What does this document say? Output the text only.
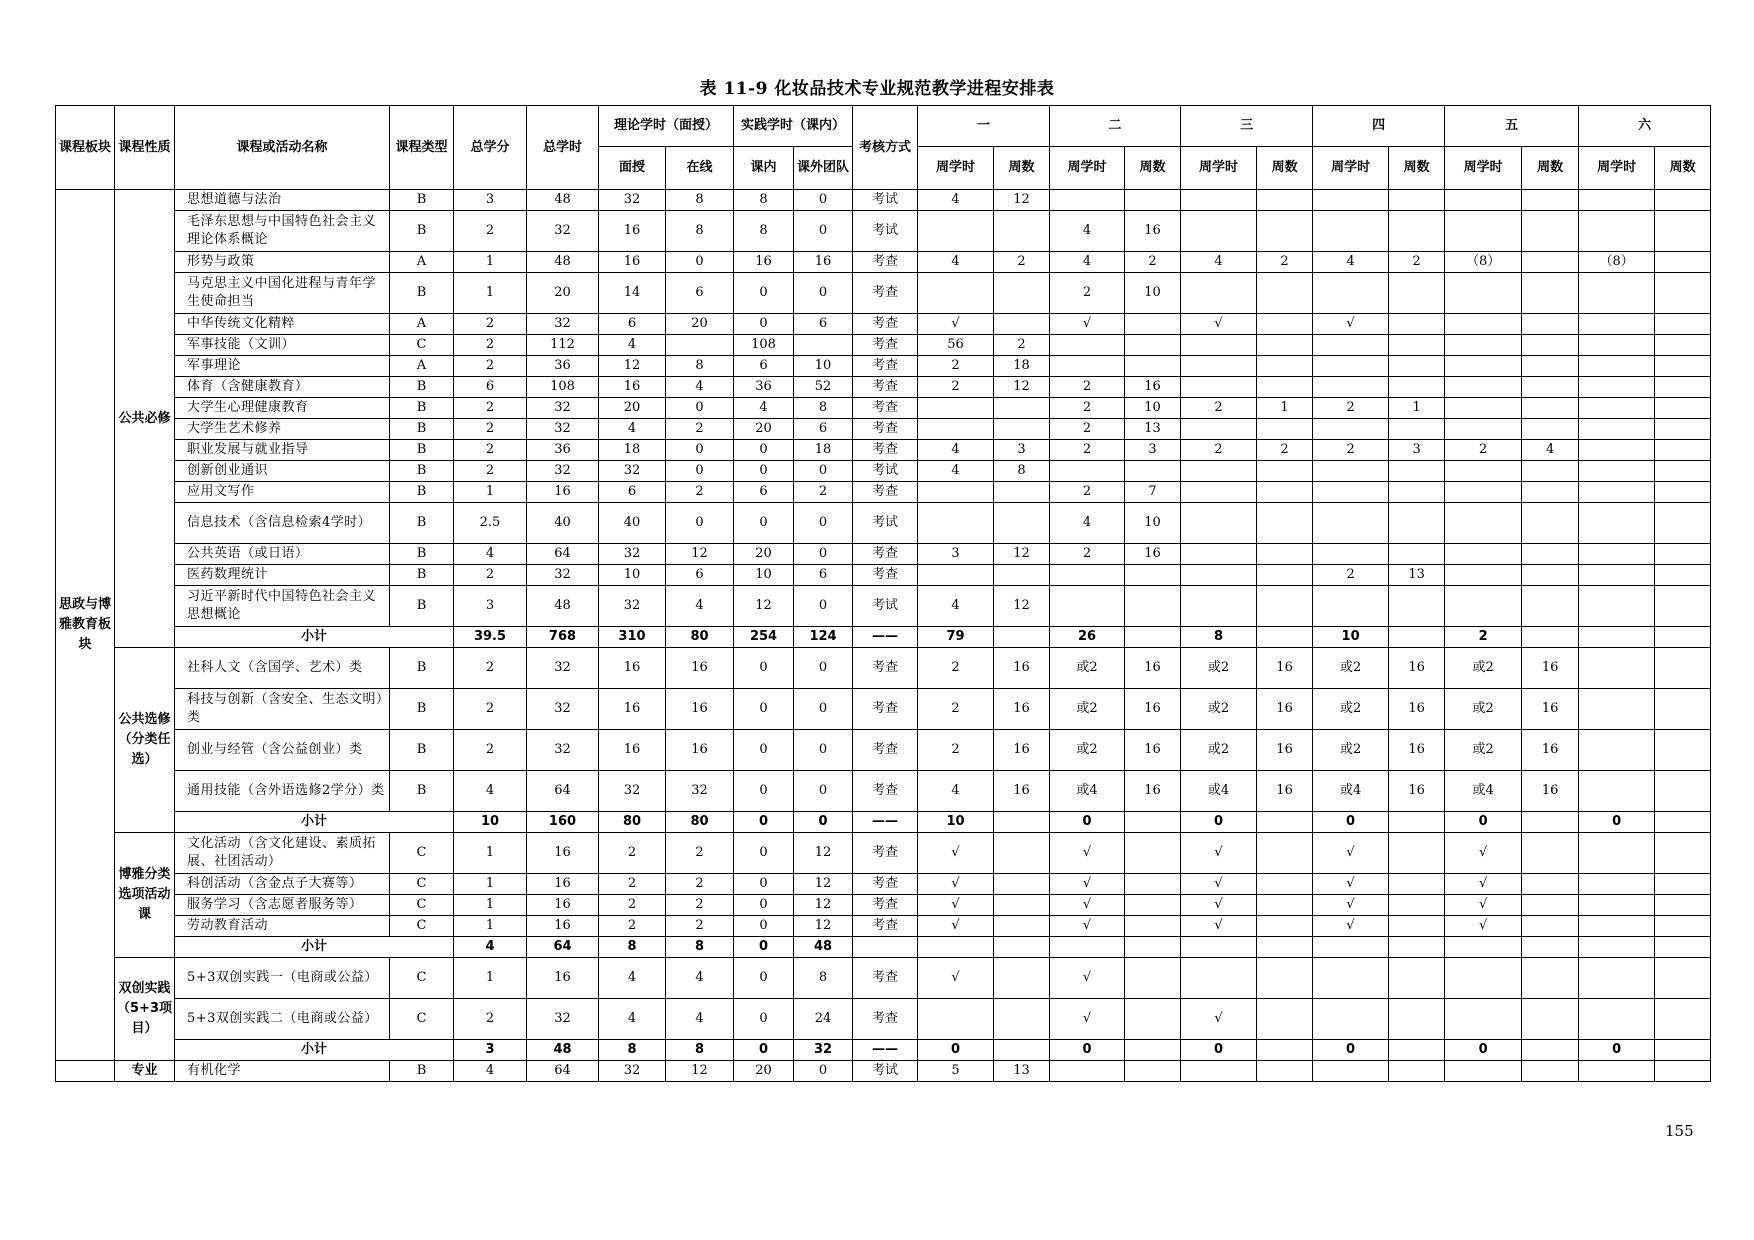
表 11-9 化妆品技术专业规范教学进程安排表
课程板块	课程性质	课程或活动名称	课程类型	总学分	总学时	理论学时（面授）		实践学时（课内）		考核方式	一		二		三		四		五		六	
						面授	在线	课内	课外团队		周学时	周数	周学时	周数	周学时	周数	周学时	周数	周学时	周数	周学时	周数
思政与博雅教育板块	公共必修	思想道德与法治	B	3	48	32	8	8	0	考试	4	12										
		毛泽东思想与中国特色社会主义理论体系概论	B	2	32	16	8	8	0	考试			4	16								
		形势与政策	A	1	48	16	0	16	16	考查	4	2	4	2	4	2	4	2	（8）		（8）	
		马克思主义中国化进程与青年学生使命担当	B	1	20	14	6	0	0	考查			2	10								
		中华传统文化精粹	A	2	32	6	20	0	6	考查	√		√		√		√					
		军事技能（文训）	C	2	112	4		108		考查	56	2										
		军事理论	A	2	36	12	8	6	10	考查	2	18										
		体育（含健康教育）	B	6	108	16	4	36	52	考查	2	12	2	16								
		大学生心理健康教育	B	2	32	20	0	4	8	考查			2	10	2	1	2	1				
		大学生艺术修养	B	2	32	4	2	20	6	考查			2	13								
		职业发展与就业指导	B	2	36	18	0	0	18	考查	4	3	2	3	2	2	2	3	2	4		
		创新创业通识	B	2	32	32	0	0	0	考试	4	8										
		应用文写作	B	1	16	6	2	6	2	考查			2	7								
		信息技术（含信息检索4学时）	B	2.5	40	40	0	0	0	考试			4	10								
		公共英语（或日语）	B	4	64	32	12	20	0	考查	3	12	2	16								
		医药数理统计	B	2	32	10	6	10	6	考查							2	13				
		习近平新时代中国特色社会主义思想概论	B	3	48	32	4	12	0	考试	4	12										
		小计		39.5	768	310	80	254	124	——	79		26		8		10		2			
	公共选修（分类任选）	社科人文（含国学、艺术）类	B	2	32	16	16	0	0	考查	2	16	或2	16	或2	16	或2	16	或2	16		
		科技与创新（含安全、生态文明）类	B	2	32	16	16	0	0	考查	2	16	或2	16	或2	16	或2	16	或2	16		
		创业与经管（含公益创业）类	B	2	32	16	16	0	0	考查	2	16	或2	16	或2	16	或2	16	或2	16		
		通用技能（含外语选修2学分）类	B	4	64	32	32	0	0	考查	4	16	或4	16	或4	16	或4	16	或4	16		
		小计		10	160	80	80	0	0	——	10		0		0		0		0		0	
	博雅分类选项活动课	文化活动（含文化建设、素质拓展、社团活动）	C	1	16	2	2	0	12	考查	√		√		√		√		√			
		科创活动（含金点子大赛等）	C	1	16	2	2	0	12	考查	√		√		√		√		√			
		服务学习（含志愿者服务等）	C	1	16	2	2	0	12	考查	√		√		√		√		√			
		劳动教育活动	C	1	16	2	2	0	12	考查	√		√		√		√		√			
		小计		4	64	8	8	0	48													
	双创实践（5+3项目）	5+3双创实践一（电商或公益）	C	1	16	4	4	0	8	考查	√		√									
		5+3双创实践二（电商或公益）	C	2	32	4	4	0	24	考查			√		√							
		小计		3	48	8	8	0	32	——	0		0		0		0		0		0	
	专业	有机化学	B	4	64	32	12	20	0	考试	5	13										
155
